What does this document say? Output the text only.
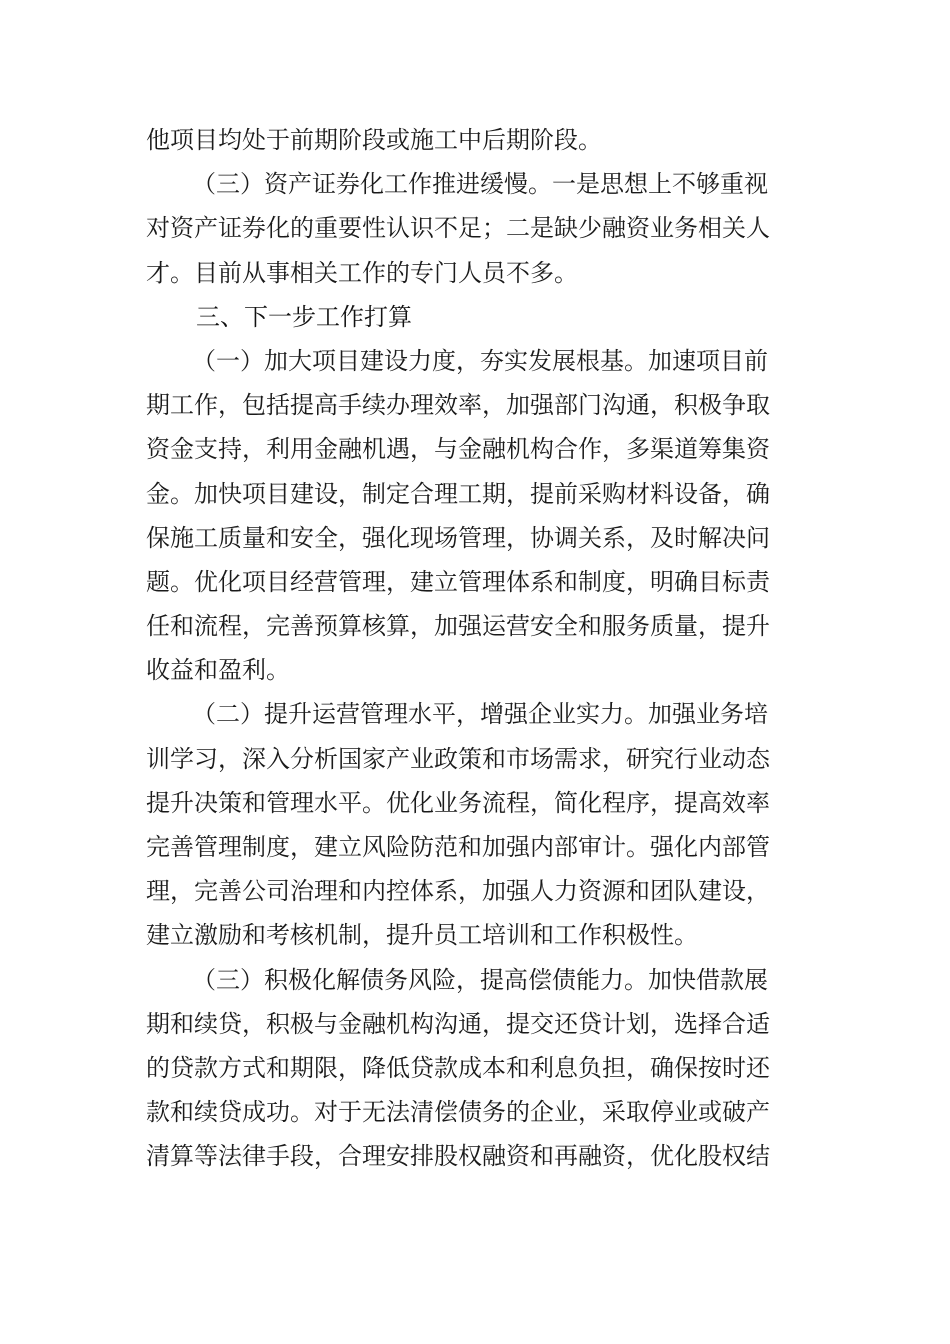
他项目均处于前期阶段或施工中后期阶段。
（三）资产证券化工作推进缓慢。一是思想上不够重视
对资产证券化的重要性认识不足；二是缺少融资业务相关人
才。目前从事相关工作的专门人员不多。
三、下一步工作打算
（一）加大项目建设力度，夯实发展根基。加速项目前
期工作，包括提高手续办理效率，加强部门沟通，积极争取
资金支持，利用金融机遇，与金融机构合作，多渠道筹集资
金。加快项目建设，制定合理工期，提前采购材料设备，确
保施工质量和安全，强化现场管理，协调关系，及时解决问
题。优化项目经营管理，建立管理体系和制度，明确目标责
任和流程，完善预算核算，加强运营安全和服务质量，提升
收益和盈利。
（二）提升运营管理水平，增强企业实力。加强业务培
训学习，深入分析国家产业政策和市场需求，研究行业动态
提升决策和管理水平。优化业务流程，简化程序，提高效率
完善管理制度，建立风险防范和加强内部审计。强化内部管
理，完善公司治理和内控体系，加强人力资源和团队建设，
建立激励和考核机制，提升员工培训和工作积极性。
（三）积极化解债务风险，提高偿债能力。加快借款展
期和续贷，积极与金融机构沟通，提交还贷计划，选择合适
的贷款方式和期限，降低贷款成本和利息负担，确保按时还
款和续贷成功。对于无法清偿债务的企业，采取停业或破产
清算等法律手段，合理安排股权融资和再融资，优化股权结
